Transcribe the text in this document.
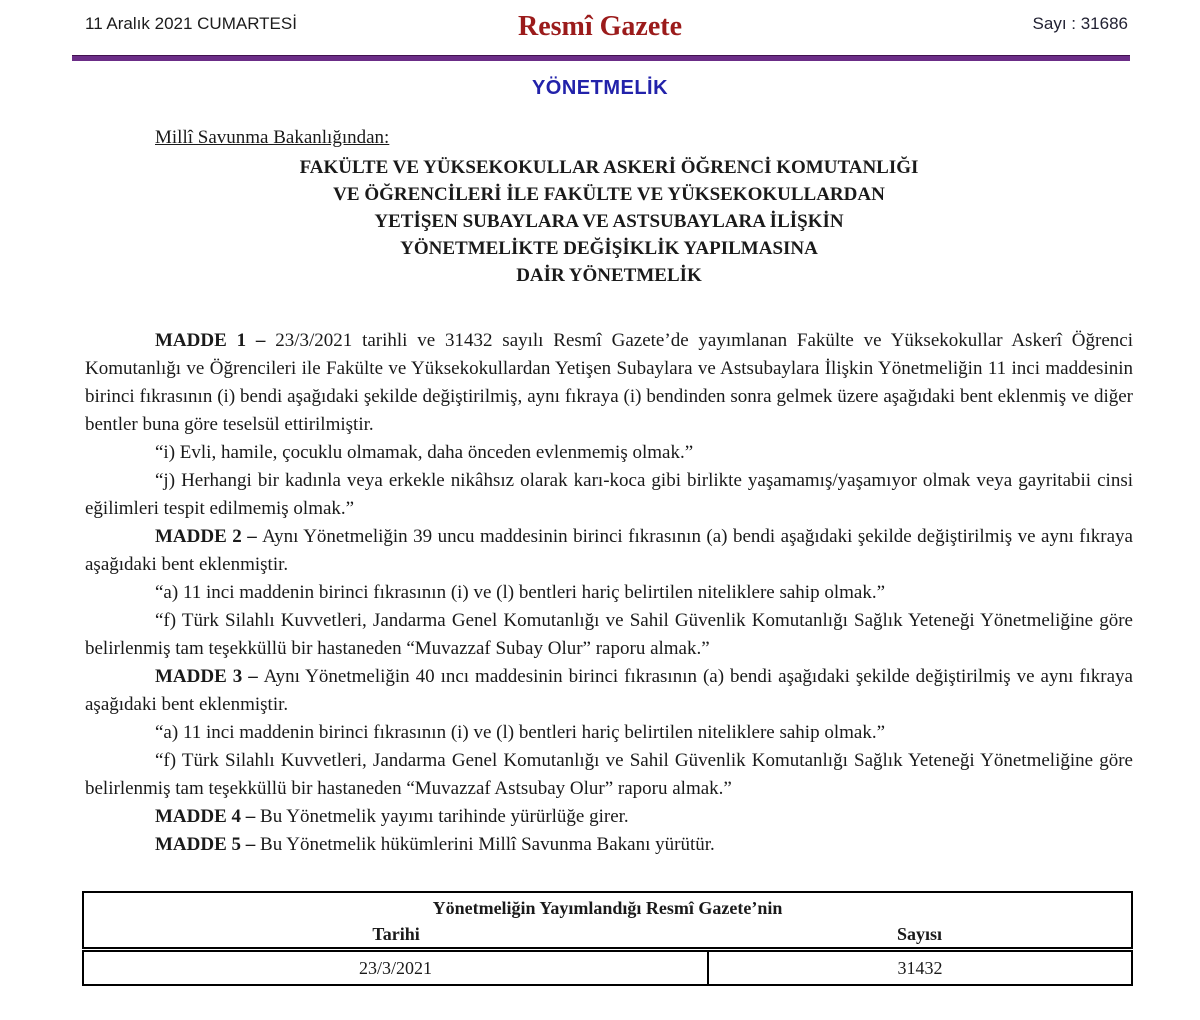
11 Aralık 2021 CUMARTESİ	Resmî Gazete	Sayı : 31686
YÖNETMELİK
Millî Savunma Bakanlığından:
FAKÜLTE VE YÜKSEKOKULLAR ASKERİ ÖĞRENCİ KOMUTANLIĞI
VE ÖĞRENCİLERİ İLE FAKÜLTE VE YÜKSEKOKULLARDAN
YETİŞEN SUBAYLARA VE ASTSUBAYLARA İLİŞKİN
YÖNETMELİKTE DEĞİŞİKLİK YAPILMASINA
DAİR YÖNETMELİK

MADDE 1 – 23/3/2021 tarihli ve 31432 sayılı Resmî Gazete’de yayımlanan Fakülte ve Yüksekokullar Askerî Öğrenci Komutanlığı ve Öğrencileri ile Fakülte ve Yüksekokullardan Yetişen Subaylara ve Astsubaylara İlişkin Yönetmeliğin 11 inci maddesinin birinci fıkrasının (i) bendi aşağıdaki şekilde değiştirilmiş, aynı fıkraya (i) bendinden sonra gelmek üzere aşağıdaki bent eklenmiş ve diğer bentler buna göre teselsül ettirilmiştir.

“i) Evli, hamile, çocuklu olmamak, daha önceden evlenmemiş olmak.”

“j) Herhangi bir kadınla veya erkekle nikâhsız olarak karı-koca gibi birlikte yaşamamış/yaşamıyor olmak veya gayritabii cinsi eğilimleri tespit edilmemiş olmak.”

MADDE 2 – Aynı Yönetmeliğin 39 uncu maddesinin birinci fıkrasının (a) bendi aşağıdaki şekilde değiştirilmiş ve aynı fıkraya aşağıdaki bent eklenmiştir.

“a) 11 inci maddenin birinci fıkrasının (i) ve (l) bentleri hariç belirtilen niteliklere sahip olmak.”

“f) Türk Silahlı Kuvvetleri, Jandarma Genel Komutanlığı ve Sahil Güvenlik Komutanlığı Sağlık Yeteneği Yönetmeliğine göre belirlenmiş tam teşekküllü bir hastaneden “Muvazzaf Subay Olur” raporu almak.”

MADDE 3 – Aynı Yönetmeliğin 40 ıncı maddesinin birinci fıkrasının (a) bendi aşağıdaki şekilde değiştirilmiş ve aynı fıkraya aşağıdaki bent eklenmiştir.

“a) 11 inci maddenin birinci fıkrasının (i) ve (l) bentleri hariç belirtilen niteliklere sahip olmak.”

“f) Türk Silahlı Kuvvetleri, Jandarma Genel Komutanlığı ve Sahil Güvenlik Komutanlığı Sağlık Yeteneği Yönetmeliğine göre belirlenmiş tam teşekküllü bir hastaneden “Muvazzaf Astsubay Olur” raporu almak.”

MADDE 4 – Bu Yönetmelik yayımı tarihinde yürürlüğe girer.

MADDE 5 – Bu Yönetmelik hükümlerini Millî Savunma Bakanı yürütür.

Yönetmeliğin Yayımlandığı Resmî Gazete’nin	
Tarihi	Sayısı
23/3/2021	31432
